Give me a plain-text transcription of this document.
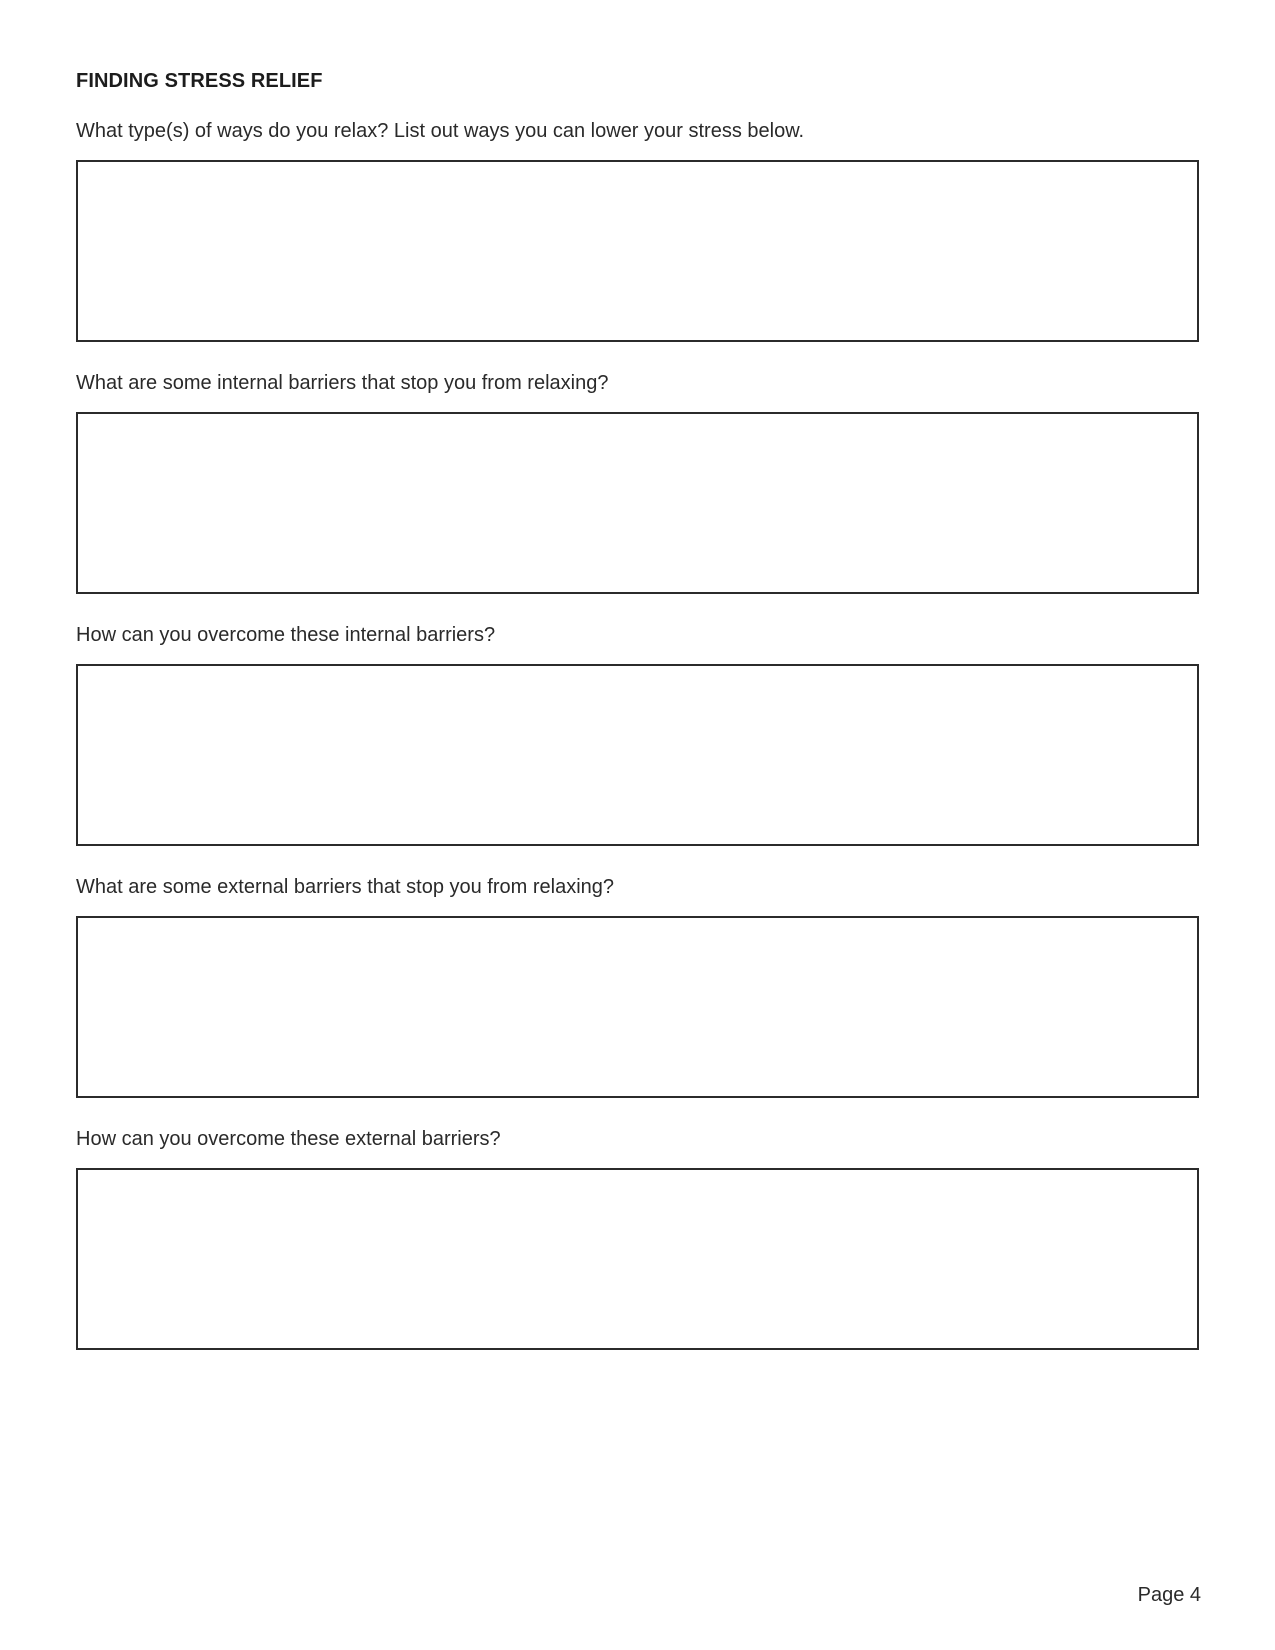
FINDING STRESS RELIEF
What type(s) of ways do you relax? List out ways you can lower your stress below.
What are some internal barriers that stop you from relaxing?
How can you overcome these internal barriers?
What are some external barriers that stop you from relaxing?
How can you overcome these external barriers?
Page 4
